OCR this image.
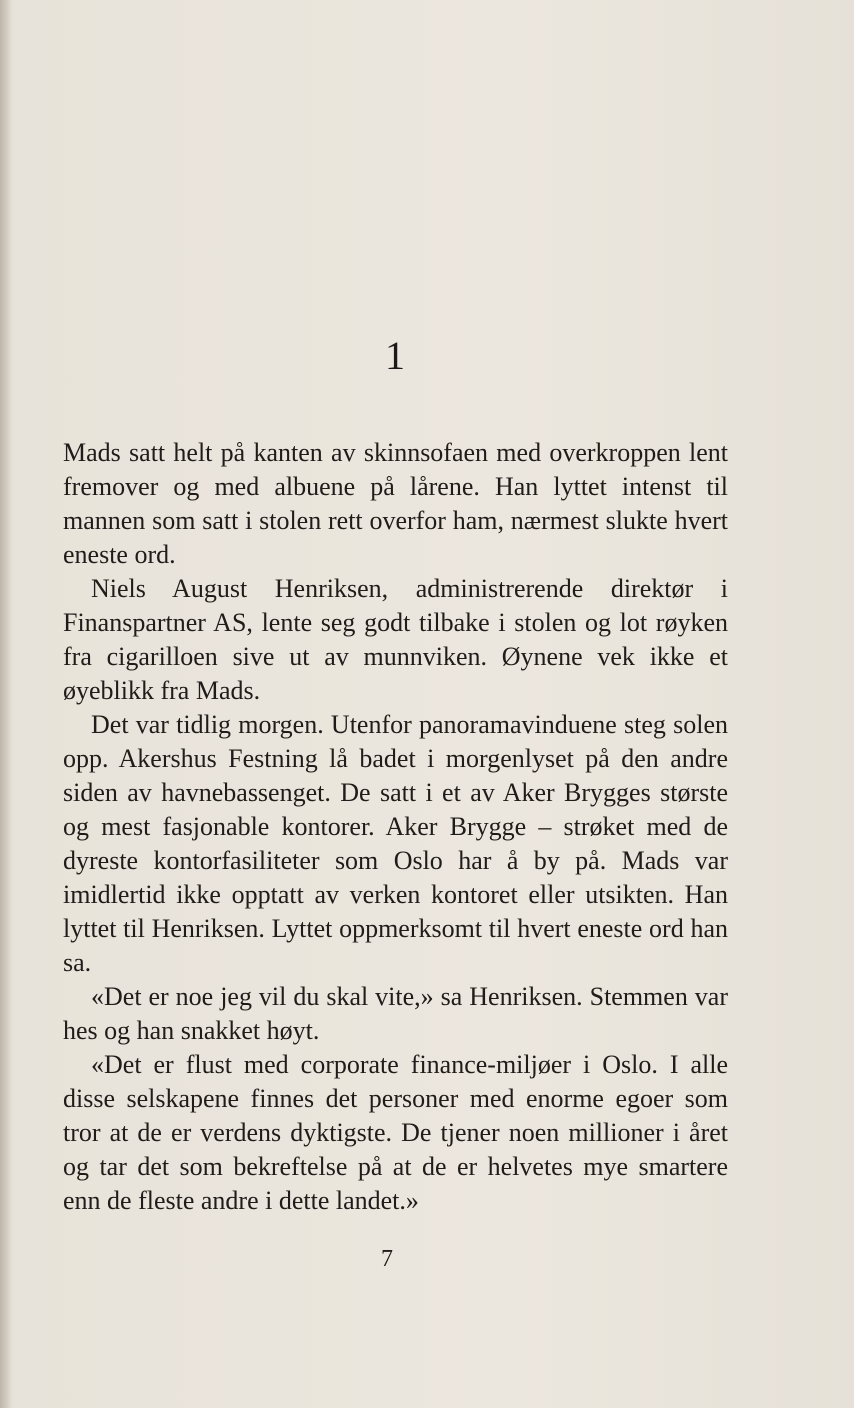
1

Mads satt helt på kanten av skinnsofaen med overkroppen lent fremover og med albuene på lårene. Han lyttet intenst til mannen som satt i stolen rett overfor ham, nærmest slukte hvert eneste ord.

Niels August Henriksen, administrerende direktør i Finanspartner AS, lente seg godt tilbake i stolen og lot røyken fra cigarilloen sive ut av munnviken. Øynene vek ikke et øyeblikk fra Mads.

Det var tidlig morgen. Utenfor panoramavinduene steg solen opp. Akershus Festning lå badet i morgenlyset på den andre siden av havnebassenget. De satt i et av Aker Brygges største og mest fasjonable kontorer. Aker Brygge – strøket med de dyreste kontorfasiliteter som Oslo har å by på. Mads var imidlertid ikke opptatt av verken kontoret eller utsikten. Han lyttet til Henriksen. Lyttet oppmerksomt til hvert eneste ord han sa.

«Det er noe jeg vil du skal vite,» sa Henriksen. Stemmen var hes og han snakket høyt.

«Det er flust med corporate finance-miljøer i Oslo. I alle disse selskapene finnes det personer med enorme egoer som tror at de er verdens dyktigste. De tjener noen millioner i året og tar det som bekreftelse på at de er helvetes mye smartere enn de fleste andre i dette landet.»

7
